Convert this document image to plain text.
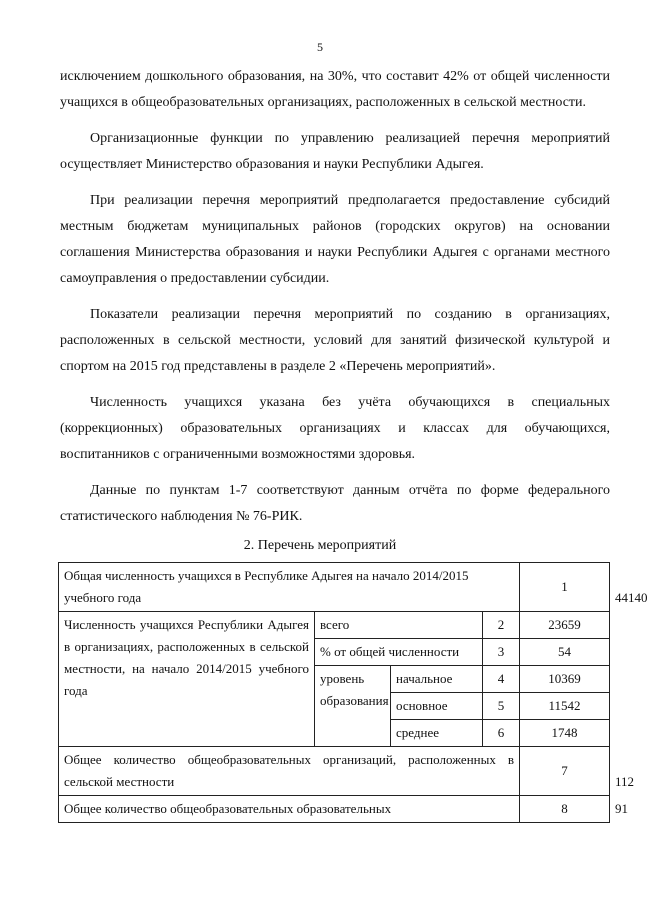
5

исключением дошкольного образования, на 30%, что составит 42% от общей численности учащихся в общеобразовательных организациях, расположенных в сельской местности.

Организационные функции по управлению реализацией перечня мероприятий осуществляет Министерство образования и науки Республики Адыгея.

При реализации перечня мероприятий предполагается предоставление субсидий местным бюджетам муниципальных районов (городских округов) на основании соглашения Министерства образования и науки Республики Адыгея с органами местного самоуправления о предоставлении субсидии.

Показатели реализации перечня мероприятий по созданию в организациях, расположенных в сельской местности, условий для занятий физической культурой и спортом на 2015 год представлены в разделе 2 «Перечень мероприятий».

Численность учащихся указана без учёта обучающихся в специальных (коррекционных) образовательных организациях и классах для обучающихся, воспитанников с ограниченными возможностями здоровья.

Данные по пунктам 1-7 соответствуют данным отчёта по форме федерального статистического наблюдения № 76-РИК.

2. Перечень мероприятий
Общая численность учащихся в Республике Адыгея на начало 2014/2015 учебного года				1	44140
Численность учащихся Республики Адыгея в организациях, расположенных в сельской местности, на начало 2014/2015 учебного года	всего		2	23659	
	% от общей численности		3	54	
	уровень образования	начальное	4	10369	
		основное	5	11542	
		среднее	6	1748	
Общее количество общеобразовательных организаций, расположенных в сельской местности				7	112
Общее количество общеобразовательных образовательных				8	91
